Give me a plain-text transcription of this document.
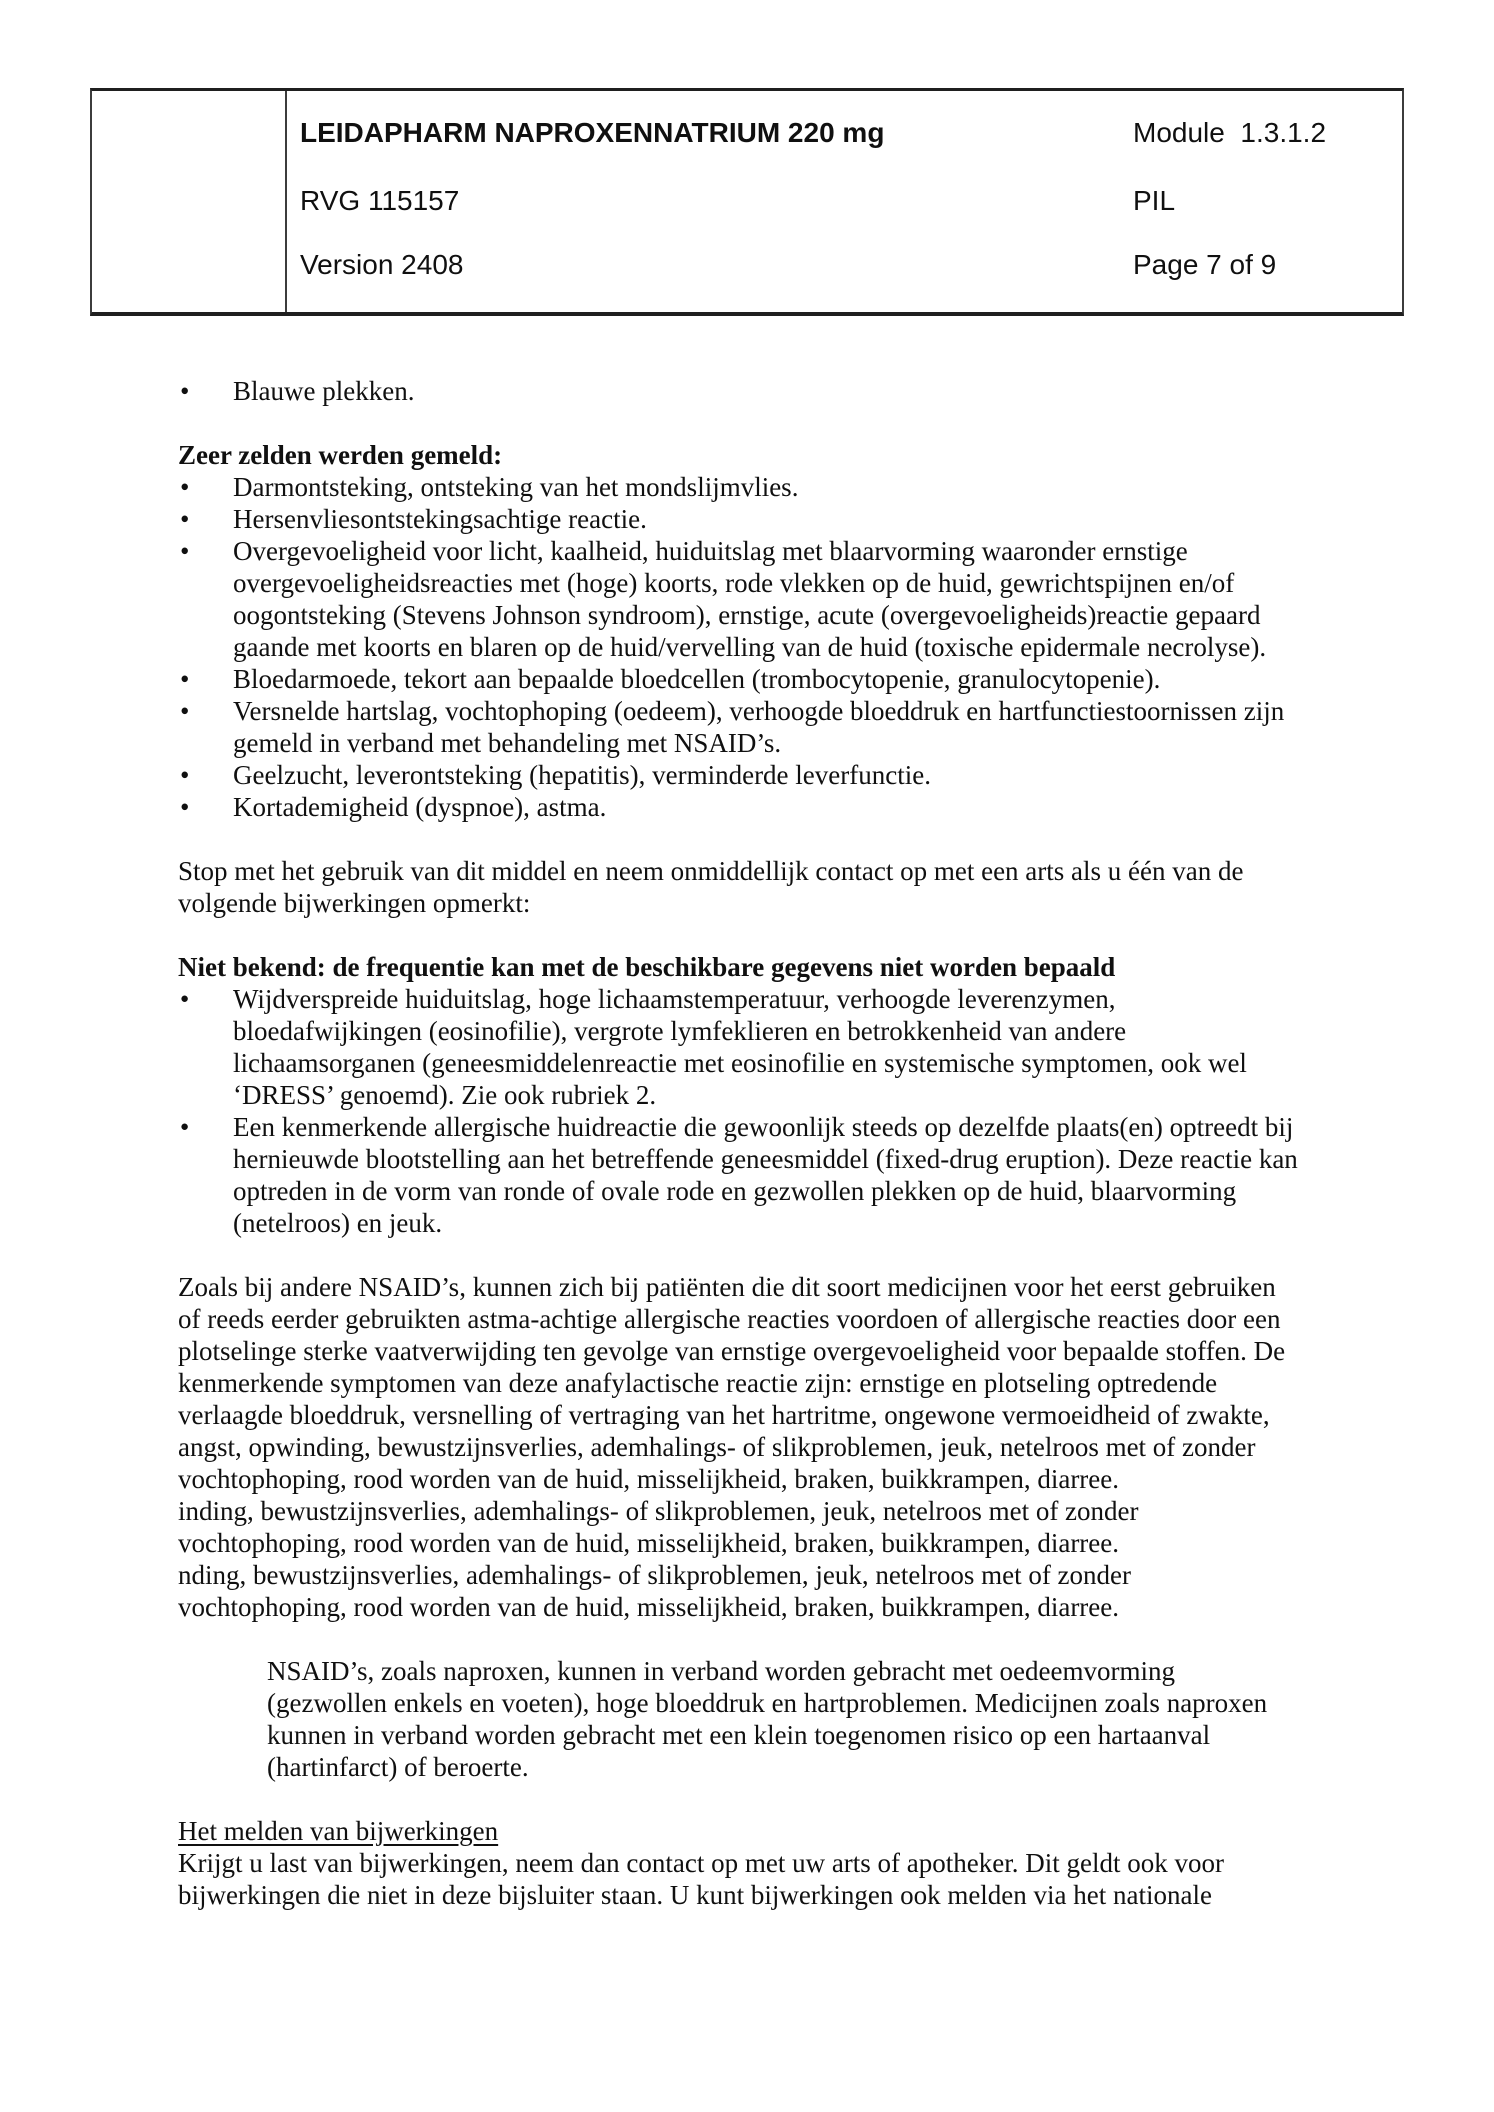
LEIDAPHARM NAPROXENNATRIUM 220 mg	Module  1.3.1.2
RVG 115157	PIL
Version 2408	Page 7 of 9
•	Blauwe plekken.
Zeer zelden werden gemeld:
•	Darmontsteking, ontsteking van het mondslijmvlies.
•	Hersenvliesontstekingsachtige reactie.
•	Overgevoeligheid voor licht, kaalheid, huiduitslag met blaarvorming waaronder ernstige
overgevoeligheidsreacties met (hoge) koorts, rode vlekken op de huid, gewrichtspijnen en/of
oogontsteking (Stevens Johnson syndroom), ernstige, acute (overgevoeligheids)reactie gepaard
gaande met koorts en blaren op de huid/vervelling van de huid (toxische epidermale necrolyse).
•	Bloedarmoede, tekort aan bepaalde bloedcellen (trombocytopenie, granulocytopenie).
•	Versnelde hartslag, vochtophoping (oedeem), verhoogde bloeddruk en hartfunctiestoornissen zijn
gemeld in verband met behandeling met NSAID’s.
•	Geelzucht, leverontsteking (hepatitis), verminderde leverfunctie.
•	Kortademigheid (dyspnoe), astma.
Stop met het gebruik van dit middel en neem onmiddellijk contact op met een arts als u één van de
volgende bijwerkingen opmerkt:
Niet bekend: de frequentie kan met de beschikbare gegevens niet worden bepaald
●	Wijdverspreide huiduitslag, hoge lichaamstemperatuur, verhoogde leverenzymen,
bloedafwijkingen (eosinofilie), vergrote lymfeklieren en betrokkenheid van andere
lichaamsorganen (geneesmiddelenreactie met eosinofilie en systemische symptomen, ook wel
‘DRESS’ genoemd). Zie ook rubriek 2.
●	Een kenmerkende allergische huidreactie die gewoonlijk steeds op dezelfde plaats(en) optreedt bij
hernieuwde blootstelling aan het betreffende geneesmiddel (fixed-drug eruption). Deze reactie kan
optreden in de vorm van ronde of ovale rode en gezwollen plekken op de huid, blaarvorming
(netelroos) en jeuk.
Zoals bij andere NSAID’s, kunnen zich bij patiënten die dit soort medicijnen voor het eerst gebruiken
of reeds eerder gebruikten astma-achtige allergische reacties voordoen of allergische reacties door een
plotselinge sterke vaatverwijding ten gevolge van ernstige overgevoeligheid voor bepaalde stoffen. De
kenmerkende symptomen van deze anafylactische reactie zijn: ernstige en plotseling optredende
verlaagde bloeddruk, versnelling of vertraging van het hartritme, ongewone vermoeidheid of zwakte,
angst, opwinding, bewustzijnsverlies, ademhalings- of slikproblemen, jeuk, netelroos met of zonder
vochtophoping, rood worden van de huid, misselijkheid, braken, buikkrampen, diarree.
inding, bewustzijnsverlies, ademhalings- of slikproblemen, jeuk, netelroos met of zonder
vochtophoping, rood worden van de huid, misselijkheid, braken, buikkrampen, diarree.
nding, bewustzijnsverlies, ademhalings- of slikproblemen, jeuk, netelroos met of zonder
vochtophoping, rood worden van de huid, misselijkheid, braken, buikkrampen, diarree.
NSAID’s, zoals naproxen, kunnen in verband worden gebracht met oedeemvorming
(gezwollen enkels en voeten), hoge bloeddruk en hartproblemen. Medicijnen zoals naproxen
kunnen in verband worden gebracht met een klein toegenomen risico op een hartaanval
(hartinfarct) of beroerte.
Het melden van bijwerkingen
Krijgt u last van bijwerkingen, neem dan contact op met uw arts of apotheker. Dit geldt ook voor
bijwerkingen die niet in deze bijsluiter staan. U kunt bijwerkingen ook melden via het nationale
